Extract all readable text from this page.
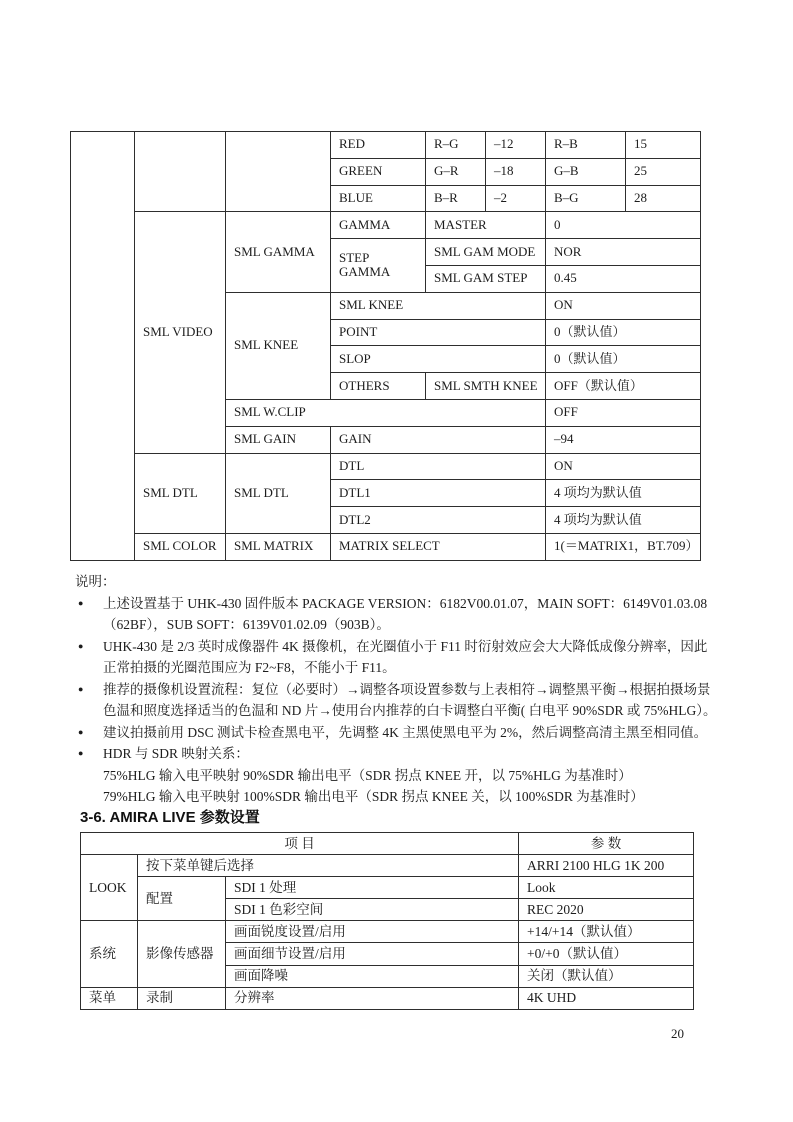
			RED	R–G	–12	R–B	15
			GREEN	G–R	–18	G–B	25
			BLUE	B–R	–2	B–G	28
	SML VIDEO	SML GAMMA	GAMMA	MASTER		0	
			STEP GAMMA	SML GAM MODE		NOR	
				SML GAM STEP		0.45	
		SML KNEE	SML KNEE			ON	
			POINT			0（默认值）	
			SLOP			0（默认值）	
			OTHERS	SML SMTH KNEE		OFF（默认值）	
		SML W.CLIP				OFF	
		SML GAIN	GAIN			–94	
	SML DTL	SML DTL	DTL			ON	
			DTL1			4 项均为默认值	
			DTL2			4 项均为默认值	
	SML COLOR	SML MATRIX	MATRIX SELECT			1(＝MATRIX1，BT.709）	
说明：
●	上述设置基于 UHK-430 固件版本 PACKAGE VERSION：6182V00.01.07，MAIN SOFT：6149V01.03.08
（62BF），SUB SOFT：6139V01.02.09（903B）。
●	UHK-430 是 2/3 英时成像器件 4K 摄像机，在光圈值小于 F11 时衍射效应会大大降低成像分辨率，因此
正常拍摄的光圈范围应为 F2~F8，不能小于 F11。
●	推荐的摄像机设置流程：复位（必要时）→调整各项设置参数与上表相符→调整黑平衡→根据拍摄场景
色温和照度选择适当的色温和 ND 片→使用台内推荐的白卡调整白平衡( 白电平 90%SDR 或 75%HLG）。
●	建议拍摄前用 DSC 测试卡检查黑电平，先调整 4K 主黑使黑电平为 2%，然后调整高清主黑至相同值。
●	HDR 与 SDR 映射关系：
75%HLG 输入电平映射 90%SDR 输出电平（SDR 拐点 KNEE 开，以 75%HLG 为基准时）
79%HLG 输入电平映射 100%SDR 输出电平（SDR 拐点 KNEE 关，以 100%SDR 为基准时）
3-6. AMIRA LIVE 参数设置
项 目			参 数
LOOK	按下菜单键后选择		ARRI 2100 HLG 1K 200
	配置	SDI 1 处理	Look
		SDI 1 色彩空间	REC 2020
系统	影像传感器	画面锐度设置/启用	+14/+14（默认值）
		画面细节设置/启用	+0/+0（默认值）
		画面降噪	关闭（默认值）
菜单	录制	分辨率	4K UHD
20
